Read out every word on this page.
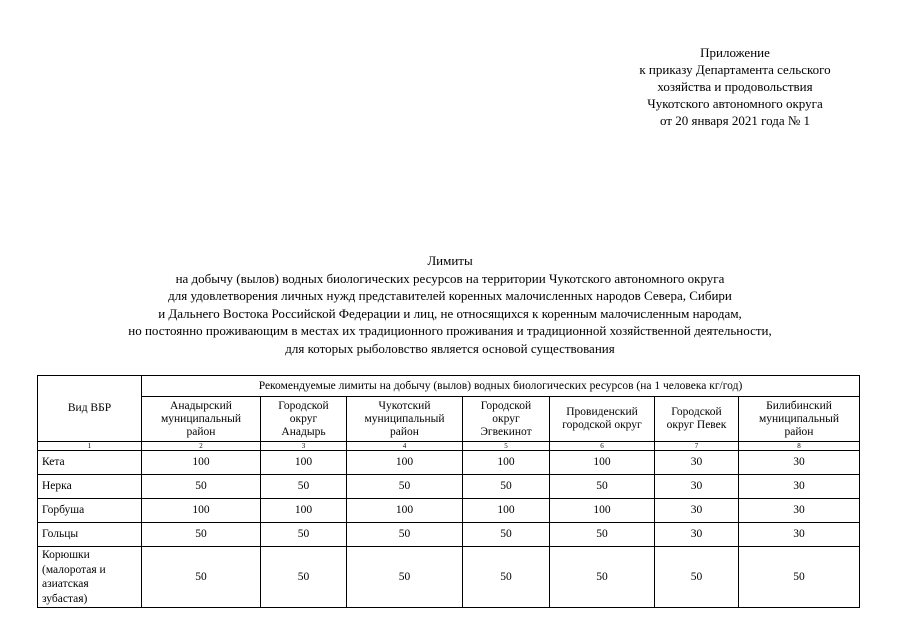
Приложение
к приказу Департамента сельского
хозяйства и продовольствия
Чукотского автономного округа
от 20 января 2021 года № 1
Лимиты
на добычу (вылов) водных биологических ресурсов на территории Чукотского автономного округа
для удовлетворения личных нужд представителей коренных малочисленных народов Севера, Сибири
и Дальнего Востока Российской Федерации и лиц, не относящихся к коренным малочисленным народам,
но постоянно проживающим в местах их традиционного проживания и традиционной хозяйственной деятельности,
для которых рыболовство является основой существования
Вид ВБР	Рекомендуемые лимиты на добычу (вылов) водных биологических ресурсов (на 1 человека кг/год)						

	Анадырский
муниципальный
район	Городской
округ
Анадырь	Чукотский
муниципальный
район	Городской
округ
Эгвекинот	Провиденский
городской округ	Городской
округ Певек	Билибинский
муниципальный
район

1	2	3	4	5	6	7	8

Кета	100	100	100	100	100	30	30

Нерка	50	50	50	50	50	30	30

Горбуша	100	100	100	100	100	30	30

Гольцы	50	50	50	50	50	30	30

Корюшки
(малоротая и
азиатская
зубастая)	50	50	50	50	50	50	50
